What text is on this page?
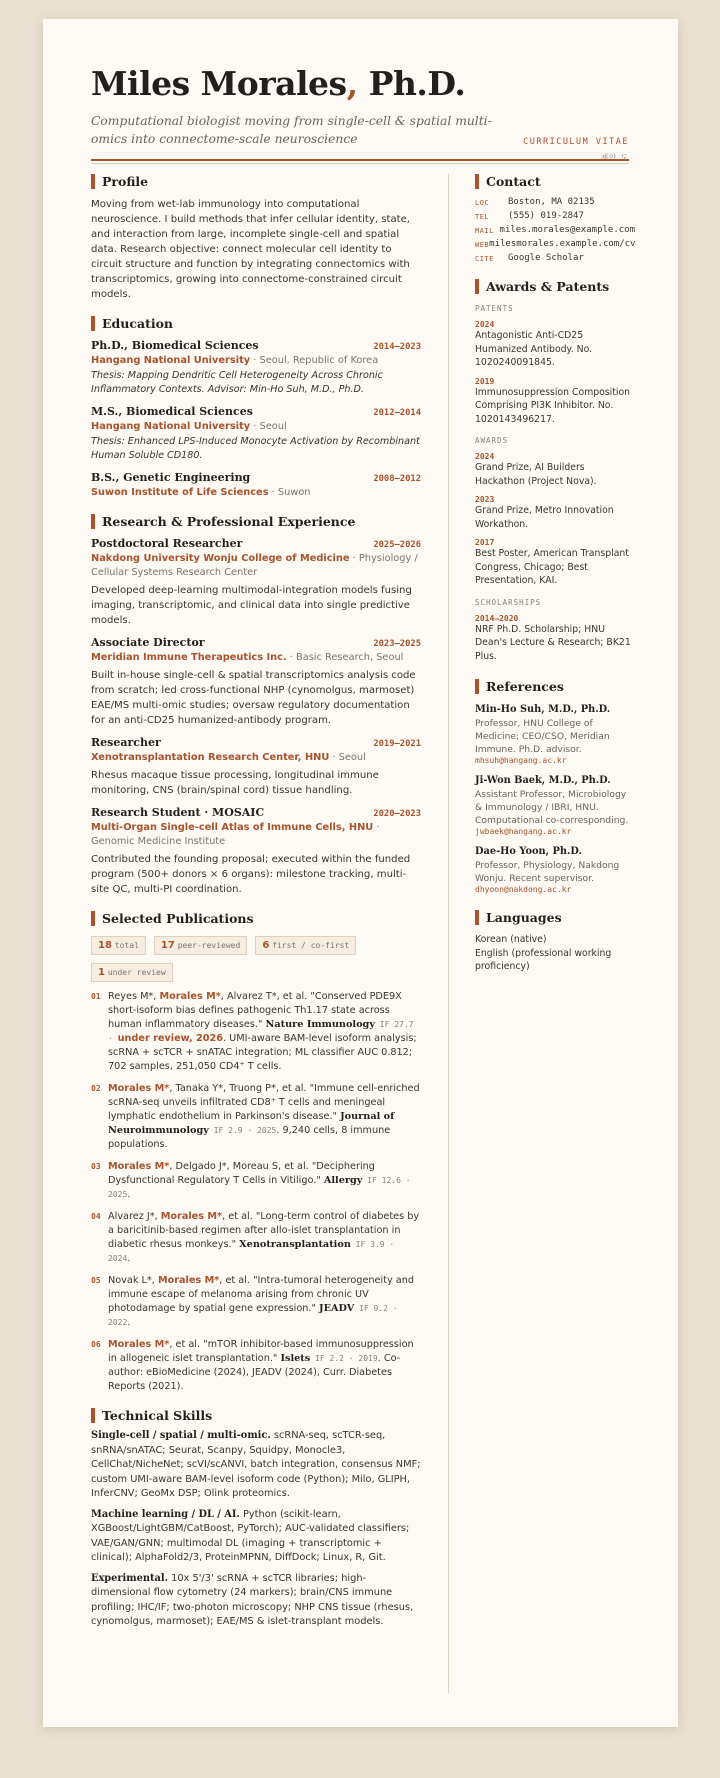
Miles Morales, Ph.D.
Computational biologist moving from single-cell & spatial multi-omics into connectome-scale neuroscience	CURRICULUM VITAE
제안 도
Profile
Moving from wet-lab immunology into computational neuroscience. I build methods that infer cellular identity, state, and interaction from large, incomplete single-cell and spatial data. Research objective: connect molecular cell identity to circuit structure and function by integrating connectomics with transcriptomics, growing into connectome-constrained circuit models.
Education
Ph.D., Biomedical Sciences	2014–2023
Hangang National University · Seoul, Republic of Korea
Thesis: Mapping Dendritic Cell Heterogeneity Across Chronic Inflammatory Contexts. Advisor: Min-Ho Suh, M.D., Ph.D.
M.S., Biomedical Sciences	2012–2014
Hangang National University · Seoul
Thesis: Enhanced LPS-Induced Monocyte Activation by Recombinant Human Soluble CD180.
B.S., Genetic Engineering	2008–2012
Suwon Institute of Life Sciences · Suwon
Research & Professional Experience
Postdoctoral Researcher	2025–2026
Nakdong University Wonju College of Medicine · Physiology / Cellular Systems Research Center
Developed deep-learning multimodal-integration models fusing imaging, transcriptomic, and clinical data into single predictive models.
Associate Director	2023–2025
Meridian Immune Therapeutics Inc. · Basic Research, Seoul
Built in-house single-cell & spatial transcriptomics analysis code from scratch; led cross-functional NHP (cynomolgus, marmoset) EAE/MS multi-omic studies; oversaw regulatory documentation for an anti-CD25 humanized-antibody program.
Researcher	2019–2021
Xenotransplantation Research Center, HNU · Seoul
Rhesus macaque tissue processing, longitudinal immune monitoring, CNS (brain/spinal cord) tissue handling.
Research Student · MOSAIC	2020–2023
Multi-Organ Single-cell Atlas of Immune Cells, HNU · Genomic Medicine Institute
Contributed the founding proposal; executed within the funded program (500+ donors × 6 organs): milestone tracking, multi-site QC, multi-PI coordination.
Selected Publications
18 total	17 peer-reviewed	6 first / co-first
1 under review
01 Reyes M*, Morales M*, Alvarez T*, et al. "Conserved PDE9X short-isoform bias defines pathogenic Th1.17 state across human inflammatory diseases." Nature Immunology IF 27.7 · under review, 2026. UMI-aware BAM-level isoform analysis; scRNA + scTCR + snATAC integration; ML classifier AUC 0.812; 702 samples, 251,050 CD4⁺ T cells.
02 Morales M*, Tanaka Y*, Truong P*, et al. "Immune cell-enriched scRNA-seq unveils infiltrated CD8⁺ T cells and meningeal lymphatic endothelium in Parkinson's disease." Journal of Neuroimmunology IF 2.9 · 2025. 9,240 cells, 8 immune populations.
03 Morales M*, Delgado J*, Moreau S, et al. "Deciphering Dysfunctional Regulatory T Cells in Vitiligo." Allergy IF 12.6 · 2025.
04 Alvarez J*, Morales M*, et al. "Long-term control of diabetes by a baricitinib-based regimen after allo-islet transplantation in diabetic rhesus monkeys." Xenotransplantation IF 3.9 · 2024.
05 Novak L*, Morales M*, et al. "Intra-tumoral heterogeneity and immune escape of melanoma arising from chronic UV photodamage by spatial gene expression." JEADV IF 9.2 · 2022.
06 Morales M*, et al. "mTOR inhibitor-based immunosuppression in allogeneic islet transplantation." Islets IF 2.2 · 2019. Co-author: eBioMedicine (2024), JEADV (2024), Curr. Diabetes Reports (2021).
Technical Skills
Single-cell / spatial / multi-omic. scRNA-seq, scTCR-seq, snRNA/snATAC; Seurat, Scanpy, Squidpy, Monocle3, CellChat/NicheNet; scVI/scANVI, batch integration, consensus NMF; custom UMI-aware BAM-level isoform code (Python); Milo, GLIPH, InferCNV; GeoMx DSP; Olink proteomics.
Machine learning / DL / AI. Python (scikit-learn, XGBoost/LightGBM/CatBoost, PyTorch); AUC-validated classifiers; VAE/GAN/GNN; multimodal DL (imaging + transcriptomic + clinical); AlphaFold2/3, ProteinMPNN, DiffDock; Linux, R, Git.
Experimental. 10x 5'/3' scRNA + scTCR libraries; high-dimensional flow cytometry (24 markers); brain/CNS immune profiling; IHC/IF; two-photon microscopy; NHP CNS tissue (rhesus, cynomolgus, marmoset); EAE/MS & islet-transplant models.
Contact
LOC	Boston, MA 02135
TEL	(555) 019-2847
MAIL miles.morales@example.com
WEB milesmorales.example.com/cv
CITE	Google Scholar
Awards & Patents
PATENTS
2024
Antagonistic Anti-CD25 Humanized Antibody. No. 1020240091845.
2019
Immunosuppression Composition Comprising PI3K Inhibitor. No. 1020143496217.
AWARDS
2024
Grand Prize, AI Builders Hackathon (Project Nova).
2023
Grand Prize, Metro Innovation Workathon.
2017
Best Poster, American Transplant Congress, Chicago; Best Presentation, KAI.
SCHOLARSHIPS
2014–2020
NRF Ph.D. Scholarship; HNU Dean's Lecture & Research; BK21 Plus.
References
Min-Ho Suh, M.D., Ph.D.
Professor, HNU College of Medicine; CEO/CSO, Meridian Immune. Ph.D. advisor.
mhsuh@hangang.ac.kr
Ji-Won Baek, M.D., Ph.D.
Assistant Professor, Microbiology & Immunology / IBRI, HNU. Computational co-corresponding.
jwbaek@hangang.ac.kr
Dae-Ho Yoon, Ph.D.
Professor, Physiology, Nakdong Wonju. Recent supervisor.
dhyoon@nakdong.ac.kr
Languages
Korean (native)
English (professional working proficiency)
